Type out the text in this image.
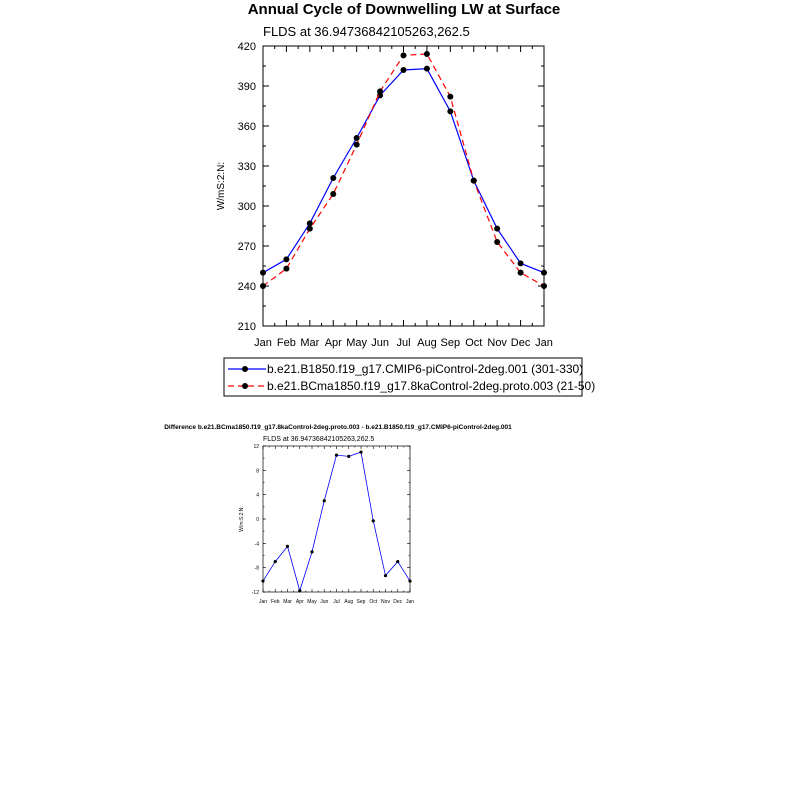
Annual Cycle of Downwelling LW at Surface
FLDS at 36.94736842105263,262.5
W/mS:2:N:
Jan Feb Mar Apr May Jun Jul Aug Sep Oct Nov Dec Jan
210
240
270
300
330
360
390
420
b.e21.B1850.f19_g17.CMIP6-piControl-2deg.001 (301-330)
b.e21.BCma1850.f19_g17.8kaControl-2deg.proto.003 (21-50)
Difference b.e21.BCma1850.f19_g17.8kaControl-2deg.proto.003 - b.e21.B1850.f19_g17.CMIP6-piControl-2deg.001
FLDS at 36.94736842105263,262.5
W/m:S:2:N:
Jan Feb Mar Apr May Jun Jul Aug Sep Oct Nov Dec Jan
-12
-8
-4
0
4
8
12
